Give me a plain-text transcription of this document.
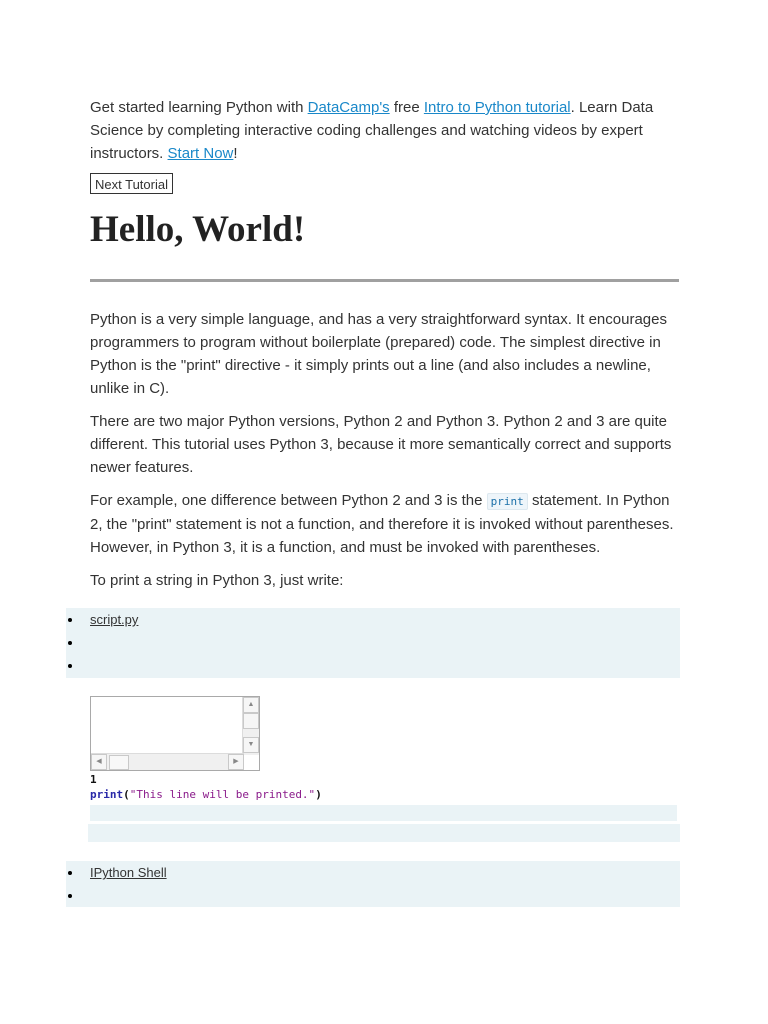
Get started learning Python with DataCamp's free Intro to Python tutorial. Learn Data Science by completing interactive coding challenges and watching videos by expert instructors. Start Now!

Next Tutorial
Hello, World!

Python is a very simple language, and has a very straightforward syntax. It encourages programmers to program without boilerplate (prepared) code. The simplest directive in Python is the "print" directive - it simply prints out a line (and also includes a newline, unlike in C).

There are two major Python versions, Python 2 and Python 3. Python 2 and 3 are quite different. This tutorial uses Python 3, because it more semantically correct and supports newer features.

For example, one difference between Python 2 and 3 is the print statement. In Python 2, the "print" statement is not a function, and therefore it is invoked without parentheses. However, in Python 3, it is a function, and must be invoked with parentheses.

To print a string in Python 3, just write:

script.py
▲
▼
◀	▶
1
print("This line will be printed.")
IPython Shell
